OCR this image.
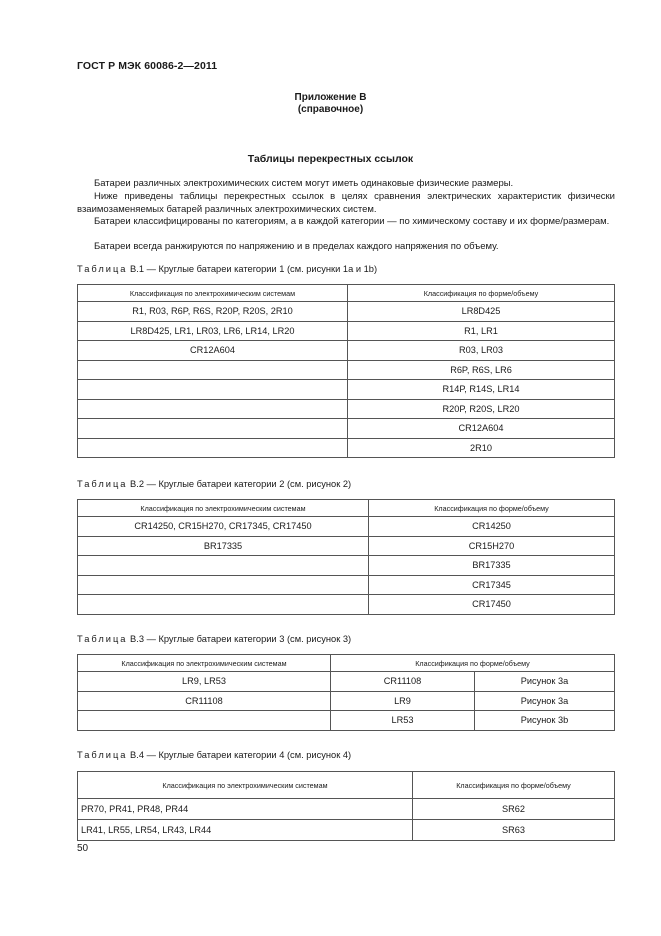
ГОСТ Р МЭК 60086-2—2011
Приложение В
(справочное)
Таблицы перекрестных ссылок
Батареи различных электрохимических систем могут иметь одинаковые физические размеры.
Ниже приведены таблицы перекрестных ссылок в целях сравнения электрических характеристик физически взаимозаменяемых батарей различных электрохимических систем.
Батареи классифицированы по категориям, а в каждой категории — по химическому составу и их форме/размерам.
Батареи всегда ранжируются по напряжению и в пределах каждого напряжения по объему.
Таблица В.1 — Круглые батареи категории 1 (см. рисунки 1а и 1b)
Классификация по электрохимическим системам	Классификация по форме/объему
R1, R03, R6P, R6S, R20P, R20S, 2R10	LR8D425
LR8D425, LR1, LR03, LR6, LR14, LR20	R1, LR1
CR12A604	R03, LR03
	R6P, R6S, LR6
	R14P, R14S, LR14
	R20P, R20S, LR20
	CR12A604
	2R10
Таблица В.2 — Круглые батареи категории 2 (см. рисунок 2)
Классификация по электрохимическим системам	Классификация по форме/объему
CR14250, CR15H270, CR17345, CR17450	CR14250
BR17335	CR15H270
	BR17335
	CR17345
	CR17450
Таблица В.3 — Круглые батареи категории 3 (см. рисунок 3)
Классификация по электрохимическим системам	Классификация по форме/объему	
LR9, LR53	CR11108	Рисунок 3а
CR11108	LR9	Рисунок 3а
	LR53	Рисунок 3b
Таблица В.4 — Круглые батареи категории 4 (см. рисунок 4)
Классификация по электрохимическим системам	Классификация по форме/объему
PR70, PR41, PR48, PR44	SR62
LR41, LR55, LR54, LR43, LR44	SR63
50
